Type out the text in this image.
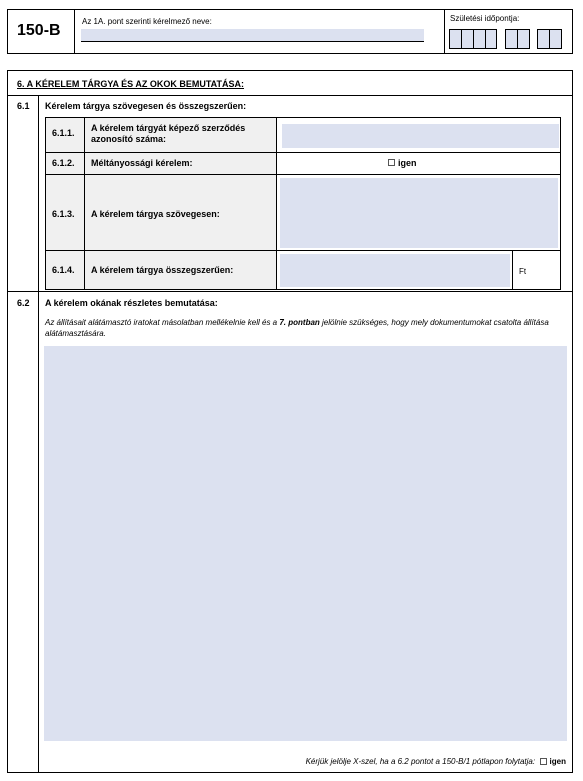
150-B
Az 1A. pont szerinti kérelmező neve:	Születési időpontja:
6. A KÉRELEM TÁRGYA ÉS AZ OKOK BEMUTATÁSA:
6.1 Kérelem tárgya szövegesen és összegszerűen:
6.1.1. A kérelem tárgyát képező szerződés azonosító száma:
6.1.2. Méltányossági kérelem:	igen
6.1.3. A kérelem tárgya szövegesen:
6.1.4. A kérelem tárgya összegszerűen:	Ft
6.2 A kérelem okának részletes bemutatása:
Az állításait alátámasztó iratokat másolatban mellékelnie kell és a 7. pontban jelölnie szükséges, hogy mely dokumentumokat csatolta állítása alátámasztására.
Kérjük jelölje X-szel, ha a 6.2 pontot a 150-B/1 pótlapon folytatja: igen
